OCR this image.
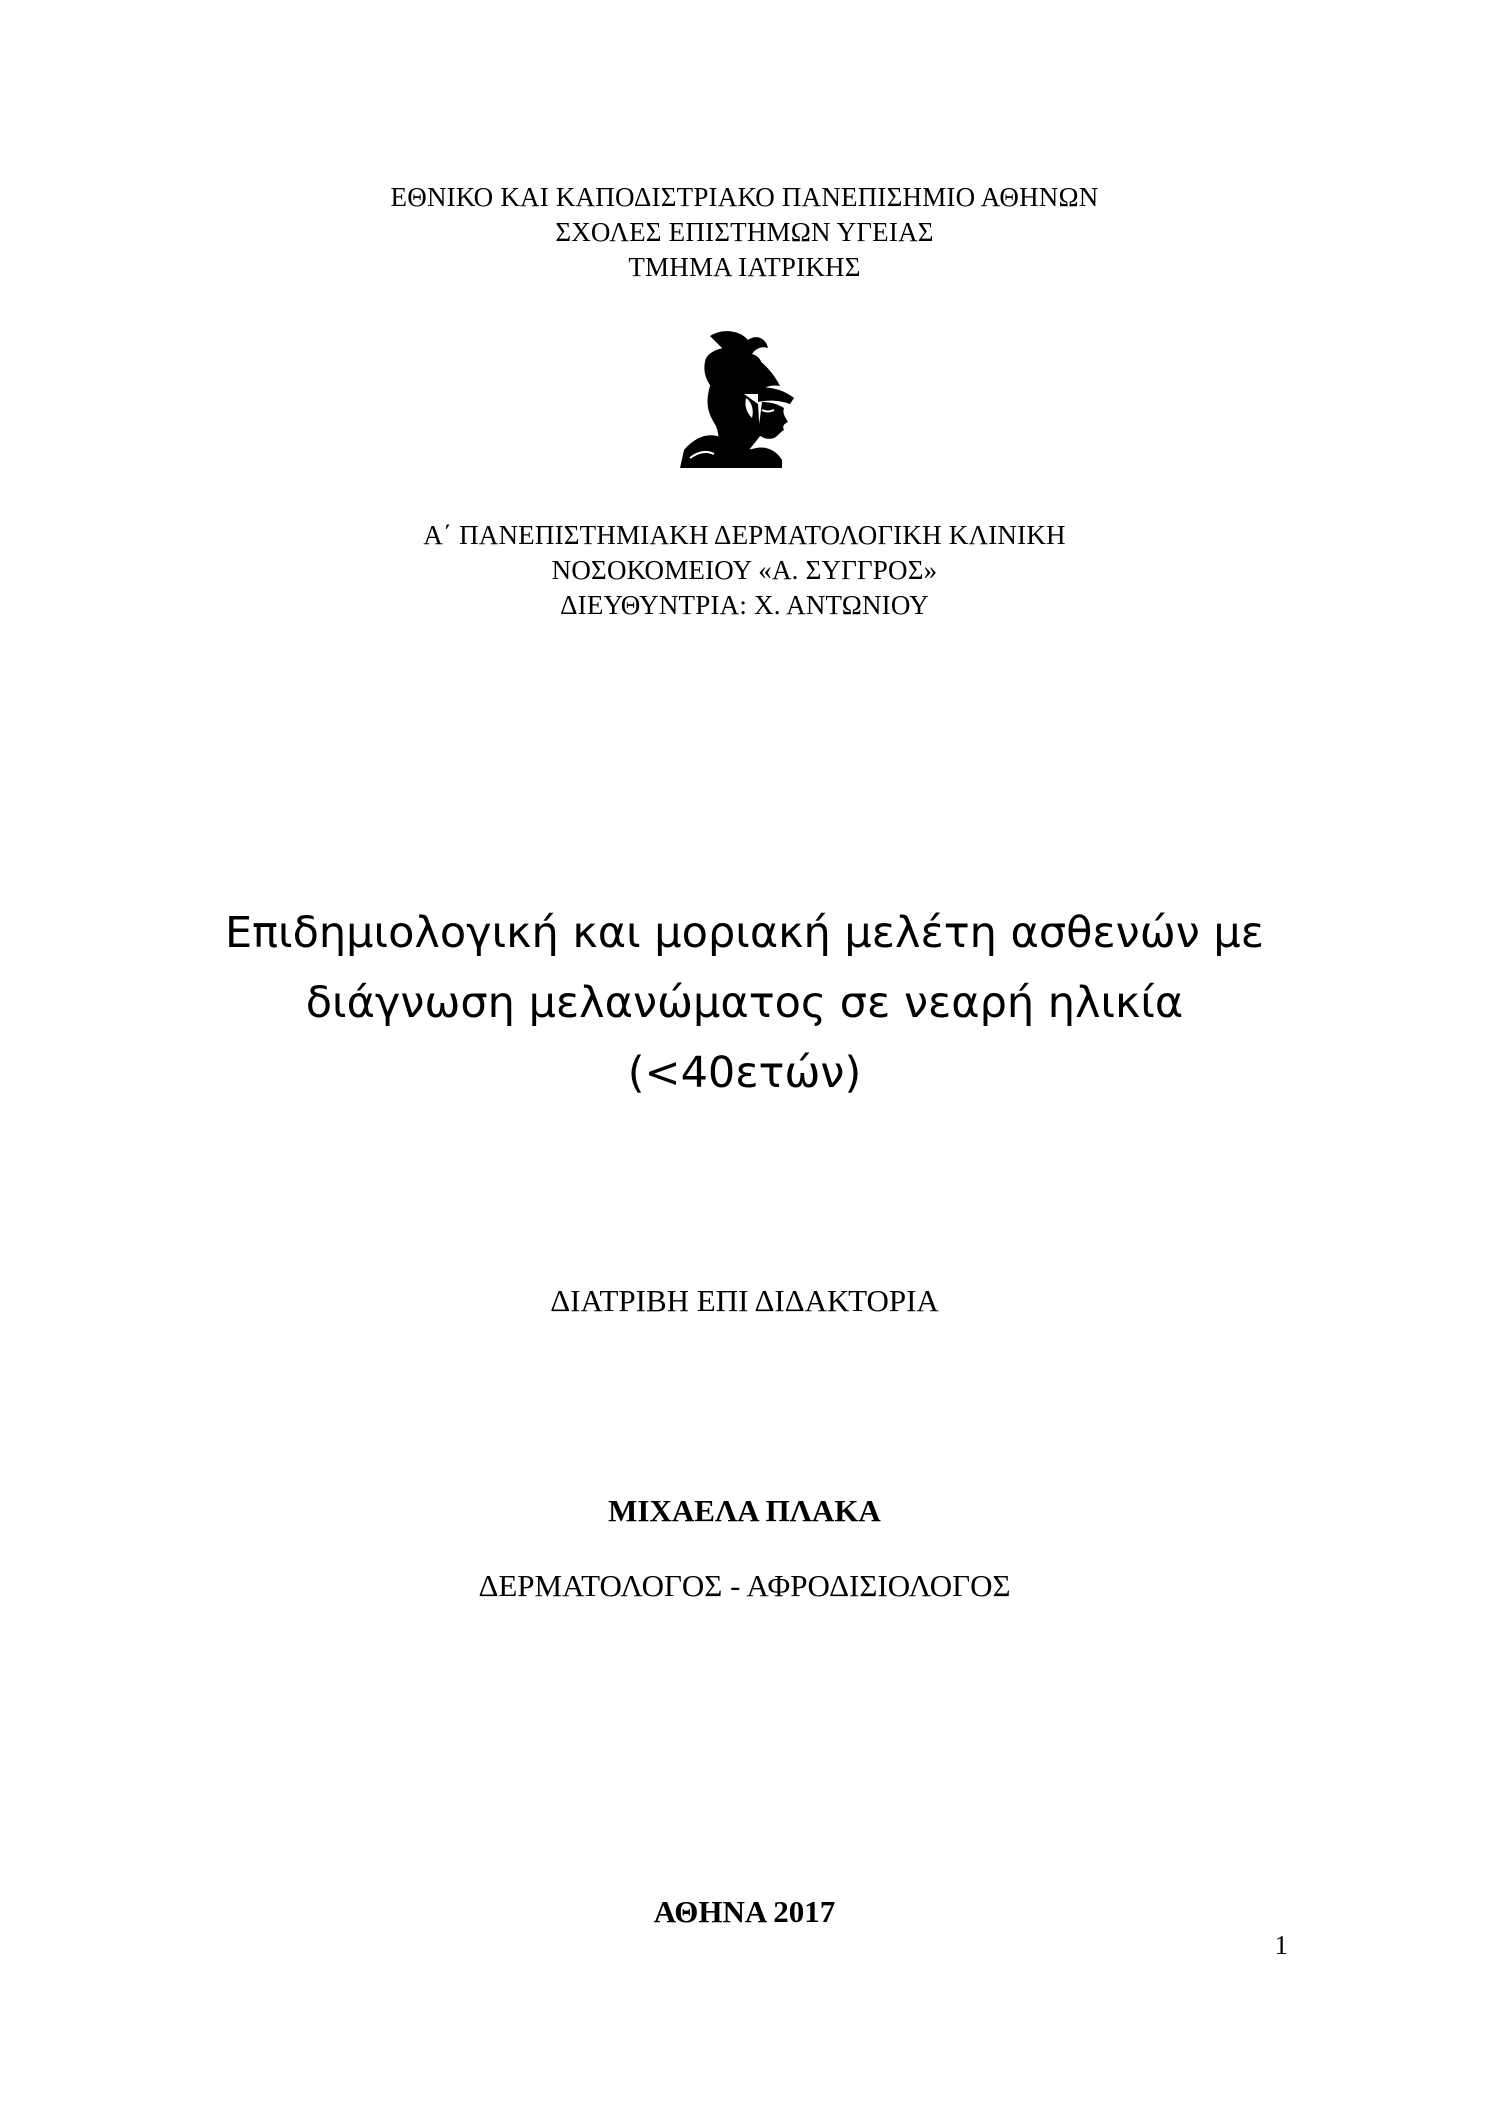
ΕΘΝΙΚΟ ΚΑΙ ΚΑΠΟΔΙΣΤΡΙΑΚΟ ΠΑΝΕΠΙΣΗΜΙΟ ΑΘΗΝΩΝ
ΣΧΟΛΕΣ ΕΠΙΣΤΗΜΩΝ ΥΓΕΙΑΣ
ΤΜΗΜΑ ΙΑΤΡΙΚΗΣ
Α΄ ΠΑΝΕΠΙΣΤΗΜΙΑΚΗ ΔΕΡΜΑΤΟΛΟΓΙΚΗ ΚΛΙΝΙΚΗ
ΝΟΣΟΚΟΜΕΙΟΥ «Α. ΣΥΓΓΡΟΣ»
ΔΙΕΥΘΥΝΤΡΙΑ: Χ. ΑΝΤΩΝΙΟΥ
Επιδημιολογική και μοριακή μελέτη ασθενών με
διάγνωση μελανώματος σε νεαρή ηλικία
(<40ετών)
ΔΙΑΤΡΙΒΗ ΕΠΙ ΔΙΔΑΚΤΟΡΙΑ
ΜΙΧΑΕΛΑ ΠΛΑΚΑ
ΔΕΡΜΑΤΟΛΟΓΟΣ - ΑΦΡΟΔΙΣΙΟΛΟΓΟΣ
ΑΘΗΝΑ 2017
1
